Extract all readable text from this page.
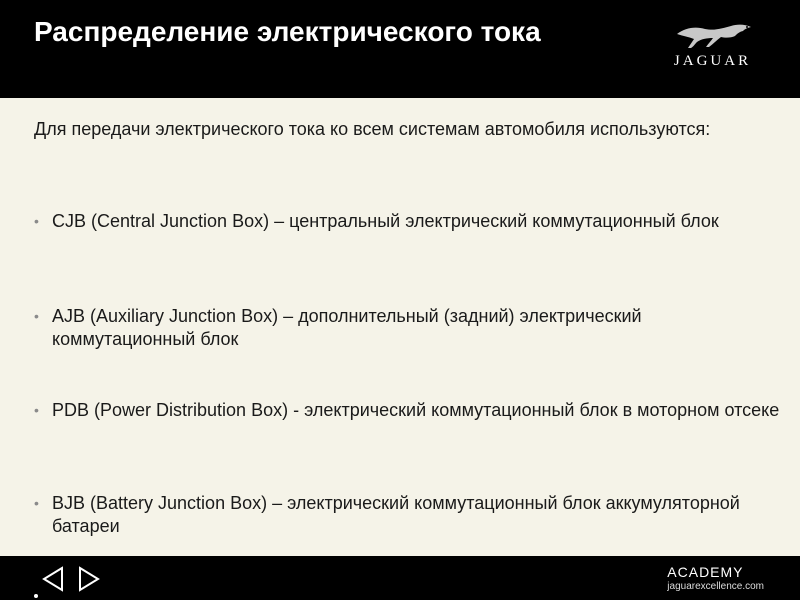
Распределение электрического тока
JAGUAR

Для передачи электрического тока ко всем системам автомобиля используются:

• CJB (Central Junction Box) – центральный электрический коммутационный блок

• AJB (Auxiliary Junction Box) – дополнительный (задний) электрический коммутационный блок

• PDB (Power Distribution Box) - электрический коммутационный блок в моторном отсеке

• BJB (Battery Junction Box) – электрический коммутационный блок аккумуляторной батареи

ACADEMY
jaguarexcellence.com
